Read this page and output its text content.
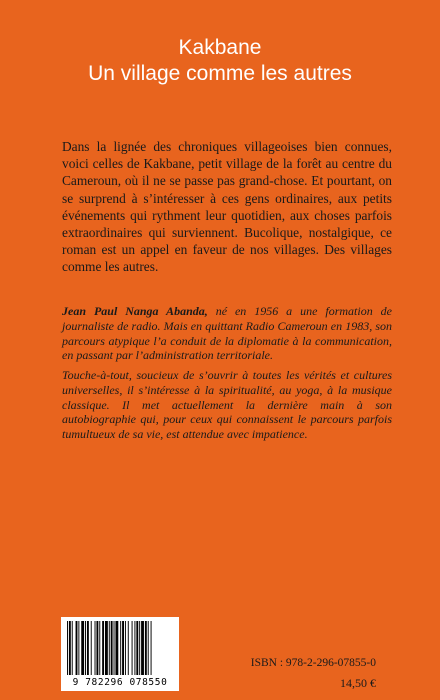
Kakbane
Un village comme les autres

Dans la lignée des chroniques villageoises bien connues, voici celles de Kakbane, petit village de la forêt au centre du Cameroun, où il ne se passe pas grand-chose. Et pourtant, on se surprend à s’intéresser à ces gens ordinaires, aux petits événements qui rythment leur quotidien, aux choses parfois extraordinaires qui surviennent. Bucolique, nostalgique, ce roman est un appel en faveur de nos villages. Des villages comme les autres.

Jean Paul Nanga Abanda, né en 1956 a une formation de journaliste de radio. Mais en quittant Radio Cameroun en 1983, son parcours atypique l’a conduit de la diplomatie à la communication, en passant par l’administration territoriale.

Touche-à-tout, soucieux de s’ouvrir à toutes les vérités et cultures universelles, il s’intéresse à la spiritualité, au yoga, à la musique classique. Il met actuellement la dernière main à son autobiographie qui, pour ceux qui connaissent le parcours parfois tumultueux de sa vie, est attendue avec impatience.

9 782296 078550
ISBN : 978-2-296-07855-0
14,50 €
